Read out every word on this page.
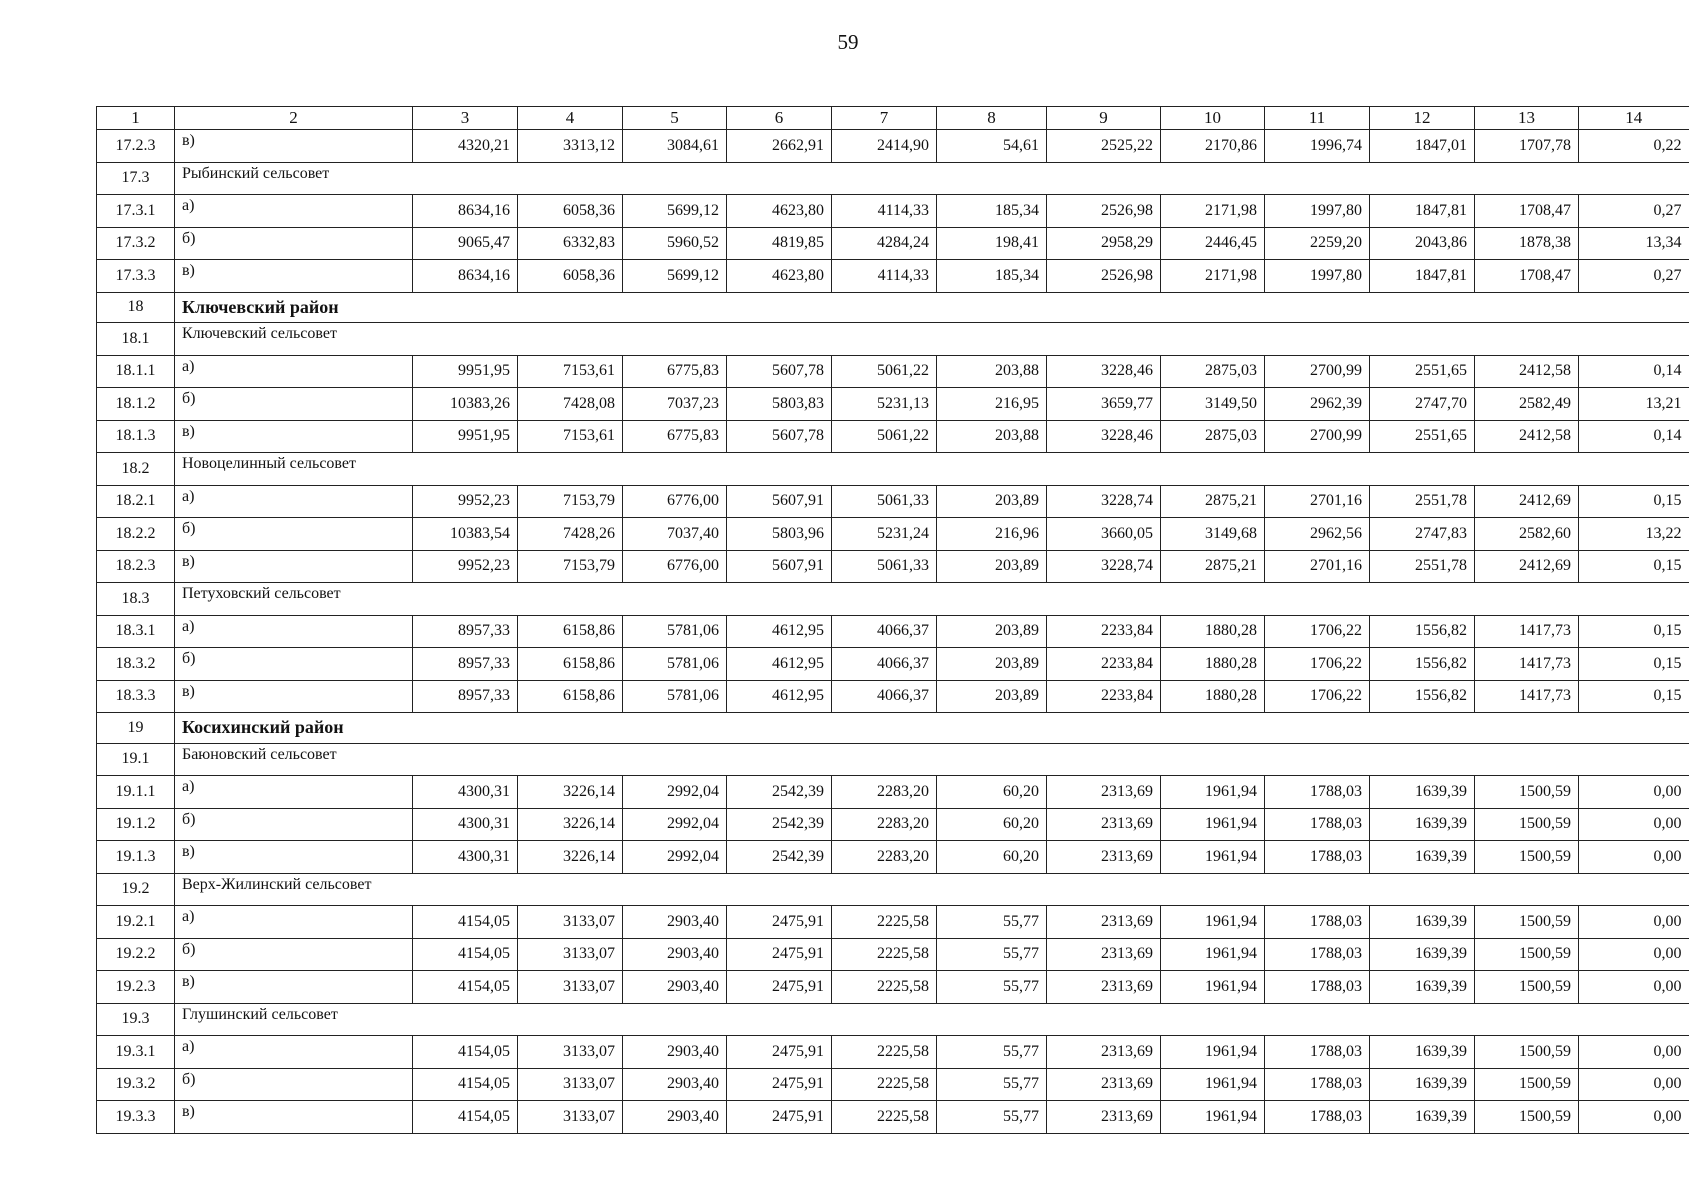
59
1	2	3	4	5	6	7	8	9	10	11	12	13	14
17.2.3	в)	4320,21	3313,12	3084,61	2662,91	2414,90	54,61	2525,22	2170,86	1996,74	1847,01	1707,78	0,22
17.3	Рыбинский сельсовет												
17.3.1	а)	8634,16	6058,36	5699,12	4623,80	4114,33	185,34	2526,98	2171,98	1997,80	1847,81	1708,47	0,27
17.3.2	б)	9065,47	6332,83	5960,52	4819,85	4284,24	198,41	2958,29	2446,45	2259,20	2043,86	1878,38	13,34
17.3.3	в)	8634,16	6058,36	5699,12	4623,80	4114,33	185,34	2526,98	2171,98	1997,80	1847,81	1708,47	0,27
18	Ключевский район												
18.1	Ключевский сельсовет												
18.1.1	а)	9951,95	7153,61	6775,83	5607,78	5061,22	203,88	3228,46	2875,03	2700,99	2551,65	2412,58	0,14
18.1.2	б)	10383,26	7428,08	7037,23	5803,83	5231,13	216,95	3659,77	3149,50	2962,39	2747,70	2582,49	13,21
18.1.3	в)	9951,95	7153,61	6775,83	5607,78	5061,22	203,88	3228,46	2875,03	2700,99	2551,65	2412,58	0,14
18.2	Новоцелинный сельсовет												
18.2.1	а)	9952,23	7153,79	6776,00	5607,91	5061,33	203,89	3228,74	2875,21	2701,16	2551,78	2412,69	0,15
18.2.2	б)	10383,54	7428,26	7037,40	5803,96	5231,24	216,96	3660,05	3149,68	2962,56	2747,83	2582,60	13,22
18.2.3	в)	9952,23	7153,79	6776,00	5607,91	5061,33	203,89	3228,74	2875,21	2701,16	2551,78	2412,69	0,15
18.3	Петуховский сельсовет												
18.3.1	а)	8957,33	6158,86	5781,06	4612,95	4066,37	203,89	2233,84	1880,28	1706,22	1556,82	1417,73	0,15
18.3.2	б)	8957,33	6158,86	5781,06	4612,95	4066,37	203,89	2233,84	1880,28	1706,22	1556,82	1417,73	0,15
18.3.3	в)	8957,33	6158,86	5781,06	4612,95	4066,37	203,89	2233,84	1880,28	1706,22	1556,82	1417,73	0,15
19	Косихинский район												
19.1	Баюновский сельсовет												
19.1.1	а)	4300,31	3226,14	2992,04	2542,39	2283,20	60,20	2313,69	1961,94	1788,03	1639,39	1500,59	0,00
19.1.2	б)	4300,31	3226,14	2992,04	2542,39	2283,20	60,20	2313,69	1961,94	1788,03	1639,39	1500,59	0,00
19.1.3	в)	4300,31	3226,14	2992,04	2542,39	2283,20	60,20	2313,69	1961,94	1788,03	1639,39	1500,59	0,00
19.2	Верх-Жилинский сельсовет												
19.2.1	а)	4154,05	3133,07	2903,40	2475,91	2225,58	55,77	2313,69	1961,94	1788,03	1639,39	1500,59	0,00
19.2.2	б)	4154,05	3133,07	2903,40	2475,91	2225,58	55,77	2313,69	1961,94	1788,03	1639,39	1500,59	0,00
19.2.3	в)	4154,05	3133,07	2903,40	2475,91	2225,58	55,77	2313,69	1961,94	1788,03	1639,39	1500,59	0,00
19.3	Глушинский сельсовет												
19.3.1	а)	4154,05	3133,07	2903,40	2475,91	2225,58	55,77	2313,69	1961,94	1788,03	1639,39	1500,59	0,00
19.3.2	б)	4154,05	3133,07	2903,40	2475,91	2225,58	55,77	2313,69	1961,94	1788,03	1639,39	1500,59	0,00
19.3.3	в)	4154,05	3133,07	2903,40	2475,91	2225,58	55,77	2313,69	1961,94	1788,03	1639,39	1500,59	0,00
